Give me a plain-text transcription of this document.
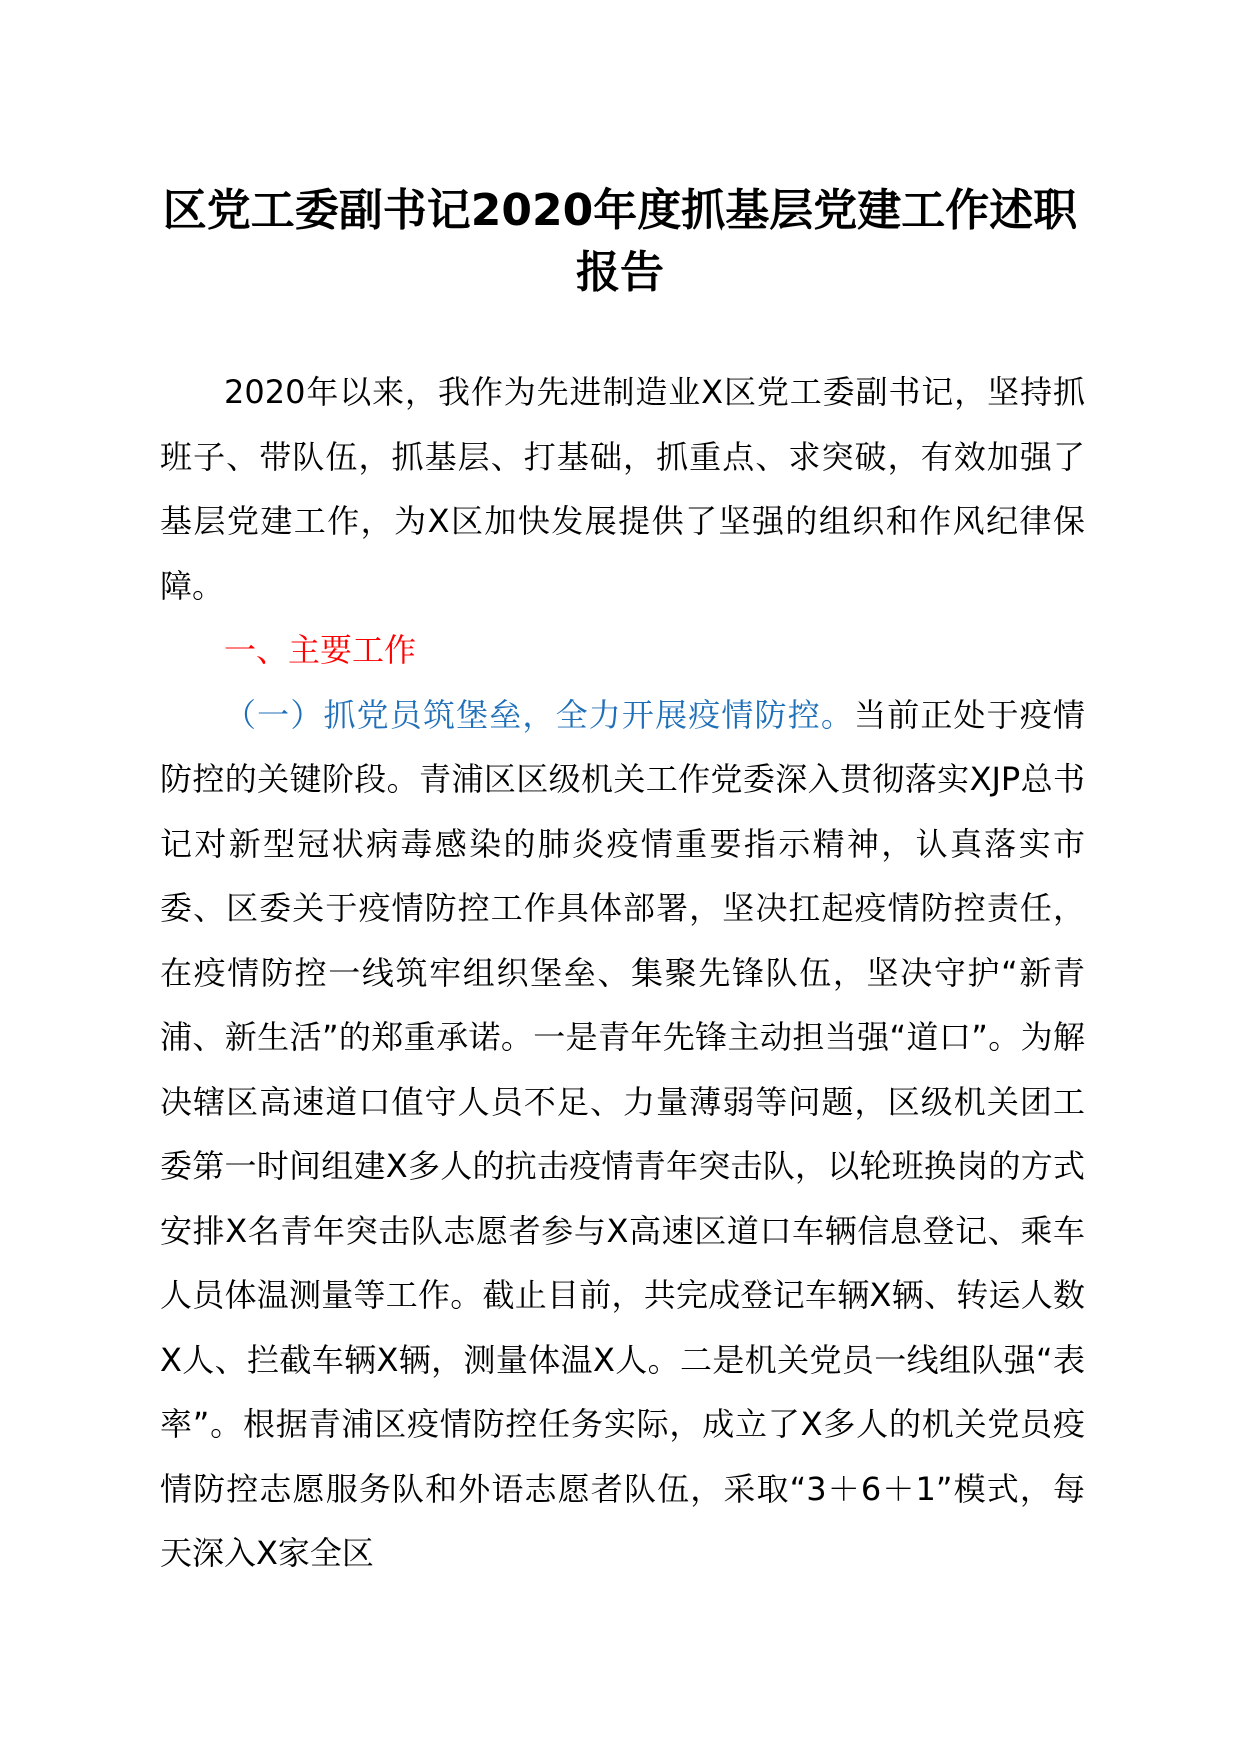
区党工委副书记2020年度抓基层党建工作述职报告

2020年以来，我作为先进制造业X区党工委副书记，坚持抓班子、带队伍，抓基层、打基础，抓重点、求突破，有效加强了基层党建工作，为X区加快发展提供了坚强的组织和作风纪律保障。

一、主要工作

（一）抓党员筑堡垒，全力开展疫情防控。当前正处于疫情防控的关键阶段。青浦区区级机关工作党委深入贯彻落实XJP总书记对新型冠状病毒感染的肺炎疫情重要指示精神，认真落实市委、区委关于疫情防控工作具体部署，坚决扛起疫情防控责任，在疫情防控一线筑牢组织堡垒、集聚先锋队伍，坚决守护“新青浦、新生活”的郑重承诺。一是青年先锋主动担当强“道口”。为解决辖区高速道口值守人员不足、力量薄弱等问题，区级机关团工委第一时间组建X多人的抗击疫情青年突击队，以轮班换岗的方式安排X名青年突击队志愿者参与X高速区道口车辆信息登记、乘车人员体温测量等工作。截止目前，共完成登记车辆X辆、转运人数X人、拦截车辆X辆，测量体温X人。二是机关党员一线组队强“表率”。根据青浦区疫情防控任务实际，成立了X多人的机关党员疫情防控志愿服务队和外语志愿者队伍，采取“3＋6＋1”模式，每天深入X家全区
